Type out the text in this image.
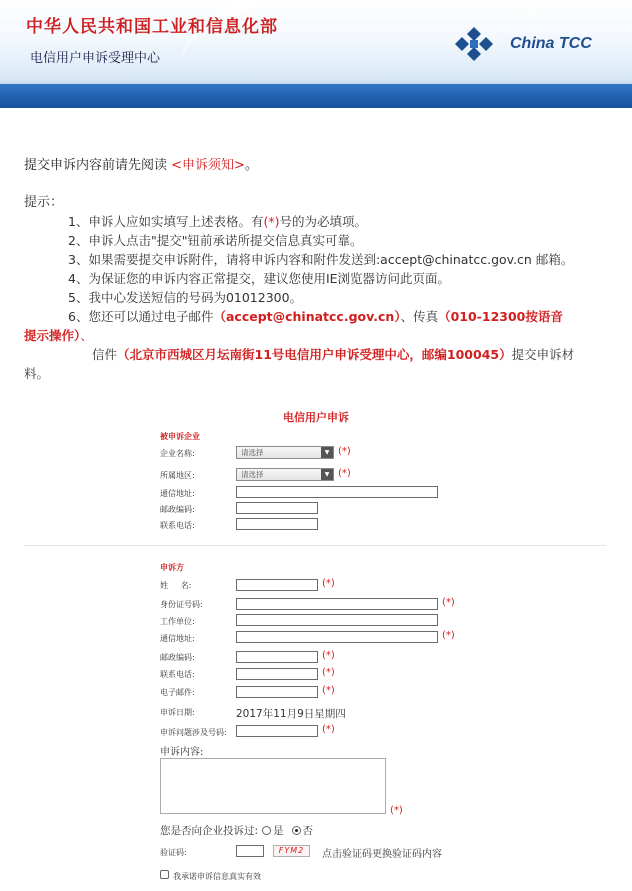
中华人民共和国工业和信息化部
电信用户申诉受理中心
China TCC
提交申诉内容前请先阅读 <申诉须知>。
提示：
1、申诉人应如实填写上述表格。有(*)号的为必填项。
2、申诉人点击"提交"钮前承诺所提交信息真实可靠。
3、如果需要提交申诉附件，请将申诉内容和附件发送到:accept@chinatcc.gov.cn 邮箱。
4、为保证您的申诉内容正常提交，建议您使用IE浏览器访问此页面。
5、我中心发送短信的号码为01012300。
6、您还可以通过电子邮件（accept@chinatcc.gov.cn）、传真（010-12300按语音
提示操作）、
信件（北京市西城区月坛南街11号电信用户申诉受理中心，邮编100045）提交申诉材
料。
电信用户申诉
被申诉企业
企业名称:	请选择	▼ (*)
所属地区:	请选择	▼ (*)
通信地址:
邮政编码:
联系电话:
申诉方
姓     名:	(*)
身份证号码:	(*)
工作单位:
通信地址:	(*)
邮政编码:	(*)
联系电话:	(*)
电子邮件:	(*)
申诉日期:	2017年11月9日星期四
申诉问题涉及号码:	(*)
申诉内容:
(*)
您是否向企业投诉过: 是 否
验证码:	FYM2	点击验证码更换验证码内容
我承诺申诉信息真实有效
